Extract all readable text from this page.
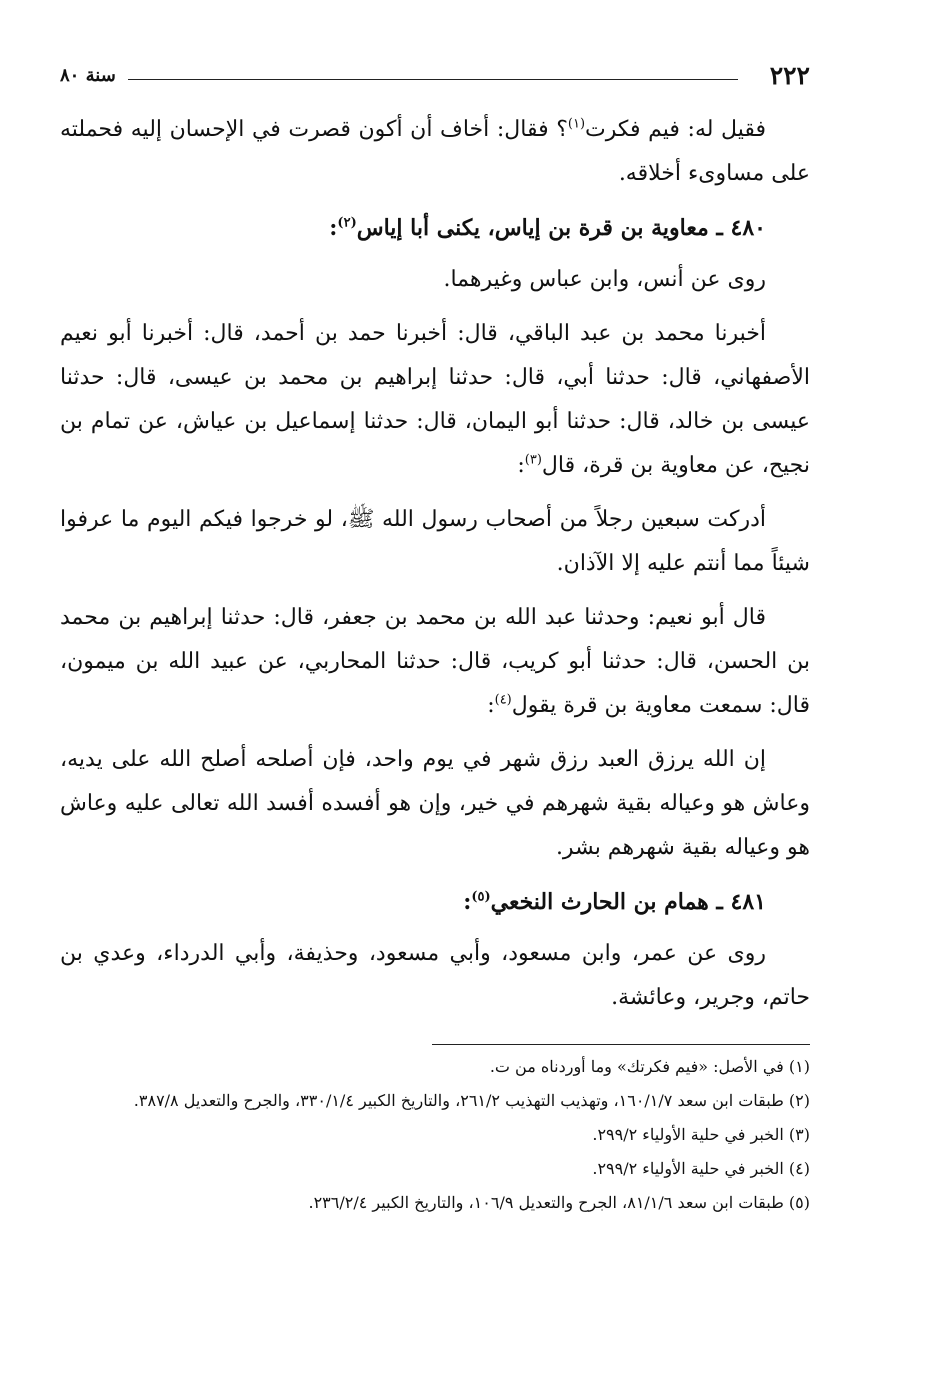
٢٢٢
سنة ٨٠

فقيل له: فيم فكرت$^{(١)}$؟ فقال: أخاف أن أكون قصرت في الإحسان إليه فحملته على مساوىء أخلاقه.

٤٨٠ ـ معاوية بن قرة بن إياس، يكنى أبا إياس$^{(٢)}$:

روى عن أنس، وابن عباس وغيرهما.

أخبرنا محمد بن عبد الباقي، قال: أخبرنا حمد بن أحمد، قال: أخبرنا أبو نعيم الأصفهاني، قال: حدثنا أبي، قال: حدثنا إبراهيم بن محمد بن عيسى، قال: حدثنا عيسى بن خالد، قال: حدثنا أبو اليمان، قال: حدثنا إسماعيل بن عياش، عن تمام بن نجيح، عن معاوية بن قرة، قال$^{(٣)}$:

أدركت سبعين رجلاً من أصحاب رسول الله ﷺ، لو خرجوا فيكم اليوم ما عرفوا شيئاً مما أنتم عليه إلا الآذان.

قال أبو نعيم: وحدثنا عبد الله بن محمد بن جعفر، قال: حدثنا إبراهيم بن محمد بن الحسن، قال: حدثنا أبو كريب، قال: حدثنا المحاربي، عن عبيد الله بن ميمون، قال: سمعت معاوية بن قرة يقول$^{(٤)}$:

إن الله يرزق العبد رزق شهر في يوم واحد، فإن أصلحه أصلح الله على يديه، وعاش هو وعياله بقية شهرهم في خير، وإن هو أفسده أفسد الله تعالى عليه وعاش هو وعياله بقية شهرهم بشر.

٤٨١ ـ همام بن الحارث النخعي$^{(٥)}$:

روى عن عمر، وابن مسعود، وأبي مسعود، وحذيفة، وأبي الدرداء، وعدي بن حاتم، وجرير، وعائشة.

(١) في الأصل: «فيم فكرتك» وما أوردناه من ت.

(٢) طبقات ابن سعد ١٦٠/١/٧، وتهذيب التهذيب ٢٦١/٢، والتاريخ الكبير ٣٣٠/١/٤، والجرح والتعديل ٣٨٧/٨.

(٣) الخبر في حلية الأولياء ٢٩٩/٢.

(٤) الخبر في حلية الأولياء ٢٩٩/٢.

(٥) طبقات ابن سعد ٨١/١/٦، الجرح والتعديل ١٠٦/٩، والتاريخ الكبير ٢٣٦/٢/٤.
